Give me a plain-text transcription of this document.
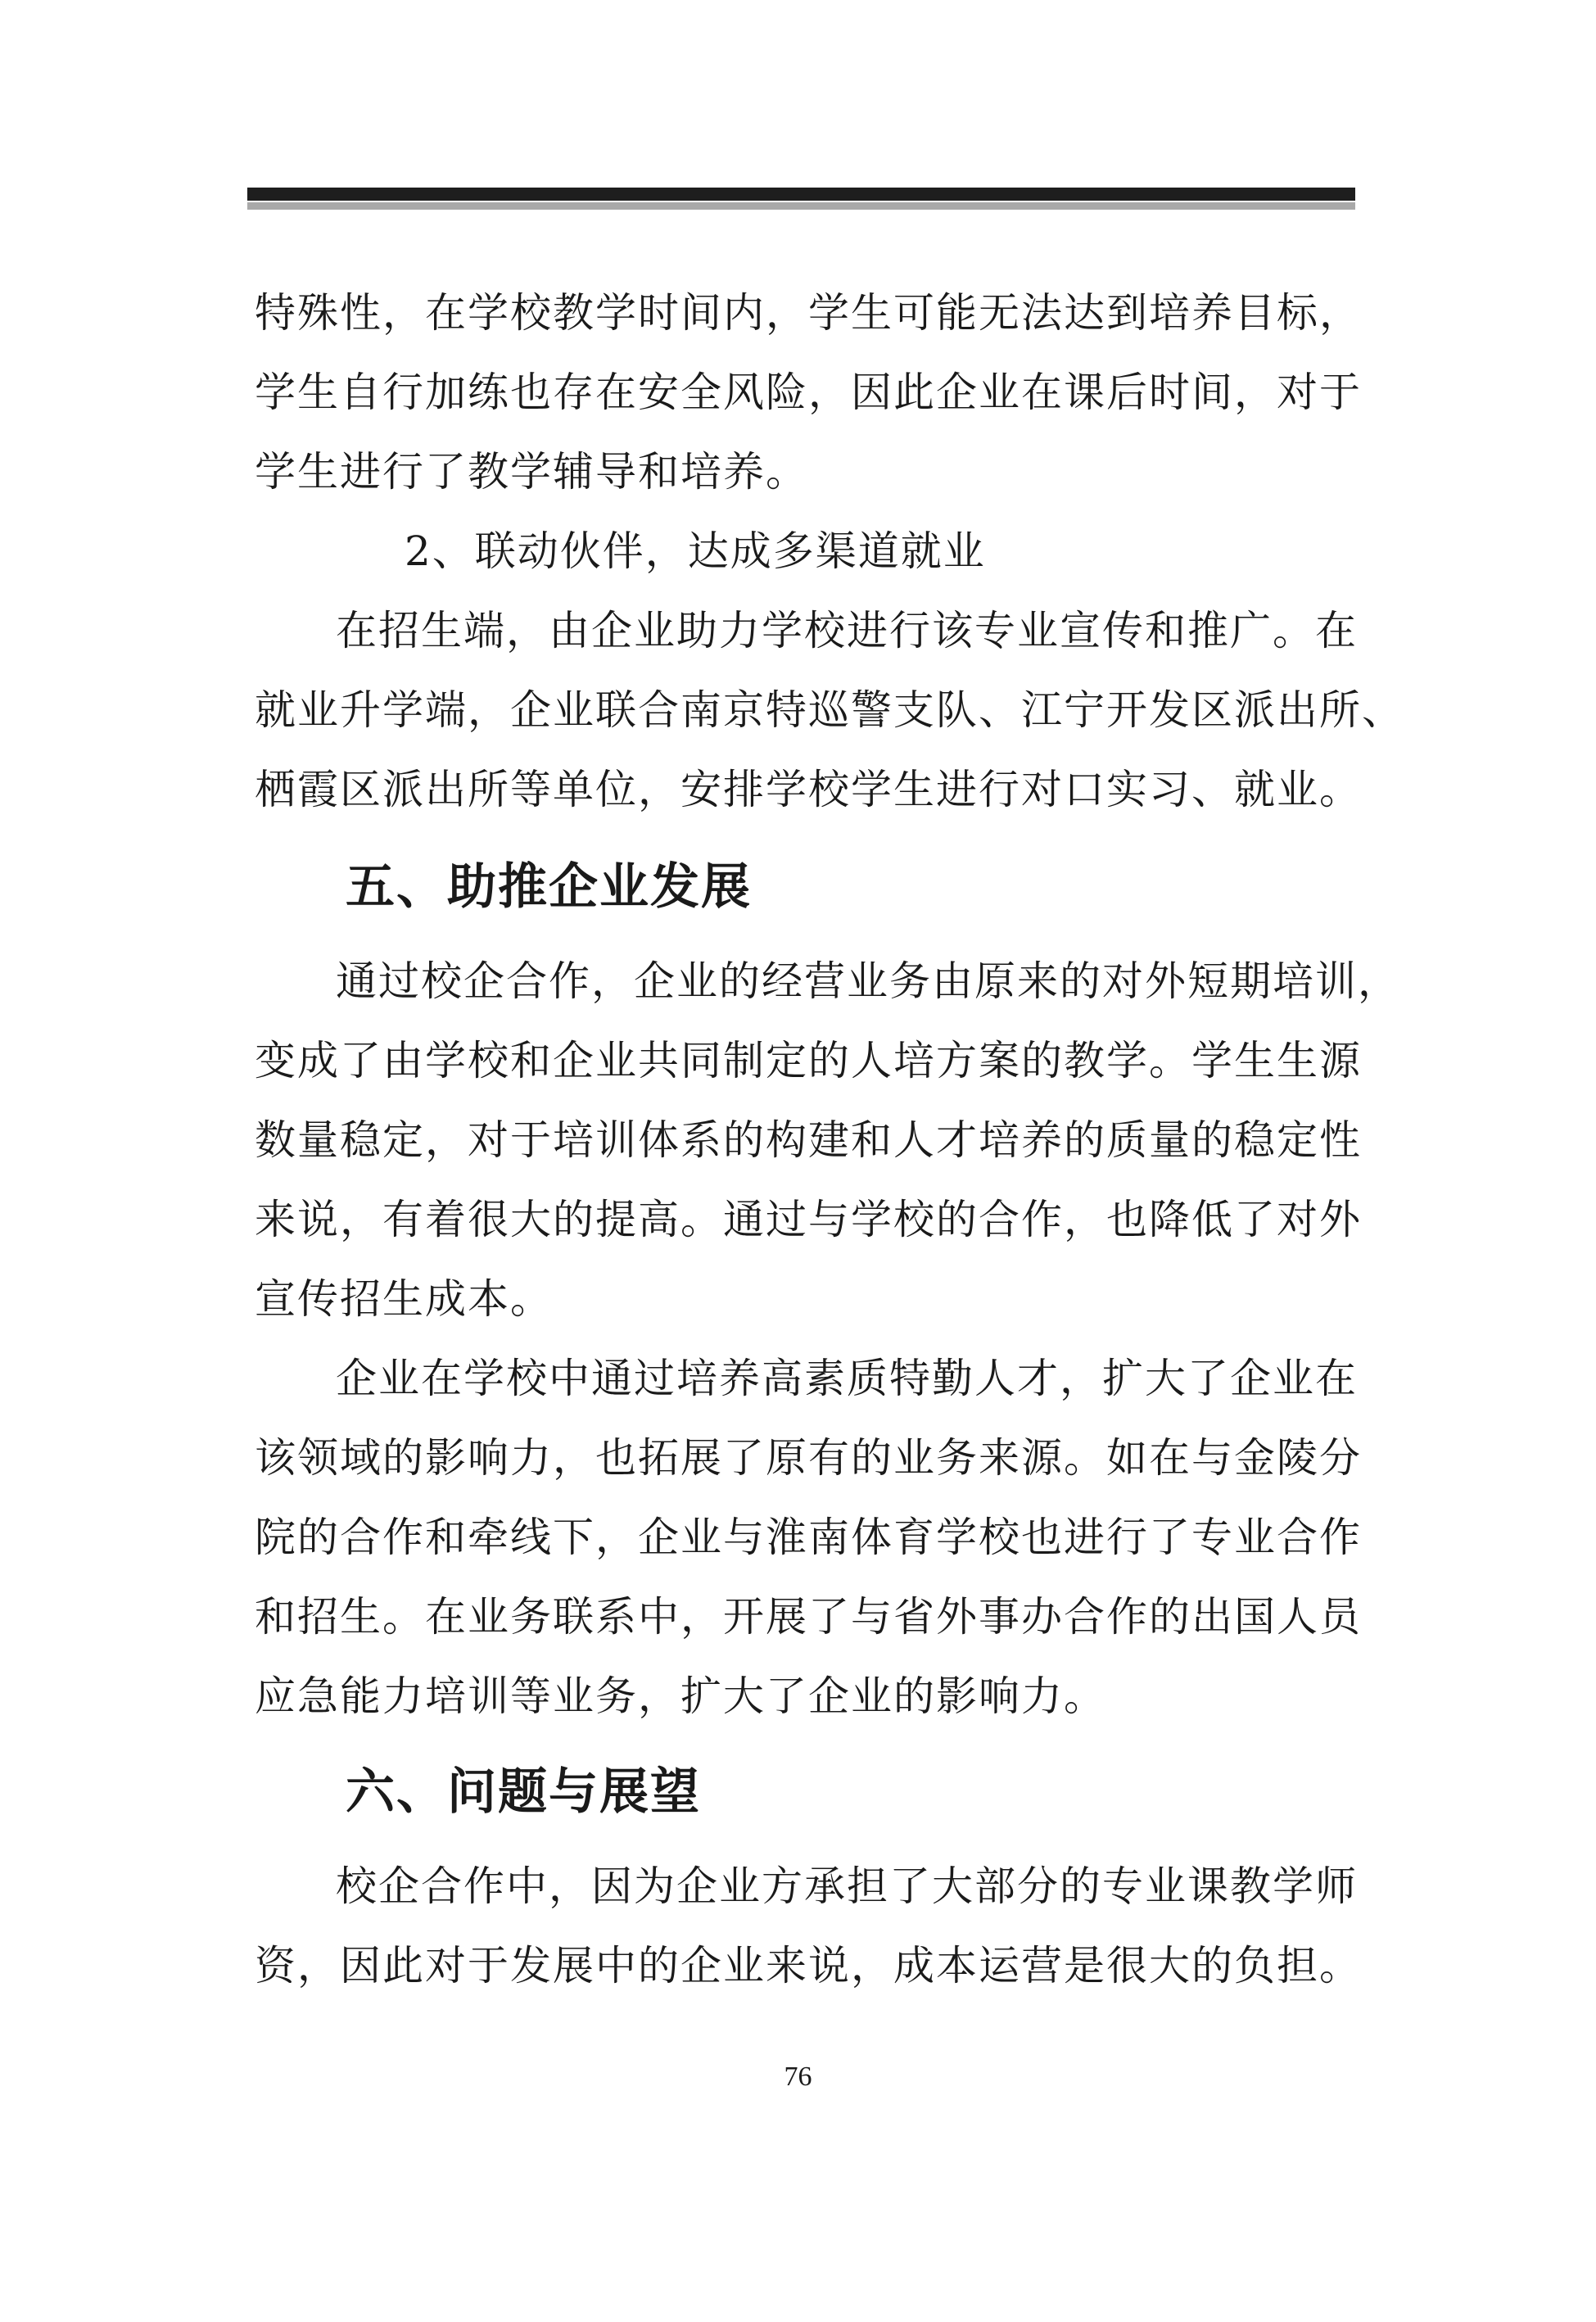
特殊性，在学校教学时间内，学生可能无法达到培养目标，
学生自行加练也存在安全风险，因此企业在课后时间，对于
学生进行了教学辅导和培养。
2、联动伙伴，达成多渠道就业
在招生端，由企业助力学校进行该专业宣传和推广。在
就业升学端，企业联合南京特巡警支队、江宁开发区派出所、
栖霞区派出所等单位，安排学校学生进行对口实习、就业。
五、助推企业发展
通过校企合作，企业的经营业务由原来的对外短期培训，
变成了由学校和企业共同制定的人培方案的教学。学生生源
数量稳定，对于培训体系的构建和人才培养的质量的稳定性
来说，有着很大的提高。通过与学校的合作，也降低了对外
宣传招生成本。
企业在学校中通过培养高素质特勤人才，扩大了企业在
该领域的影响力，也拓展了原有的业务来源。如在与金陵分
院的合作和牵线下，企业与淮南体育学校也进行了专业合作
和招生。在业务联系中，开展了与省外事办合作的出国人员
应急能力培训等业务，扩大了企业的影响力。
六、问题与展望
校企合作中，因为企业方承担了大部分的专业课教学师
资，因此对于发展中的企业来说，成本运营是很大的负担。
76
